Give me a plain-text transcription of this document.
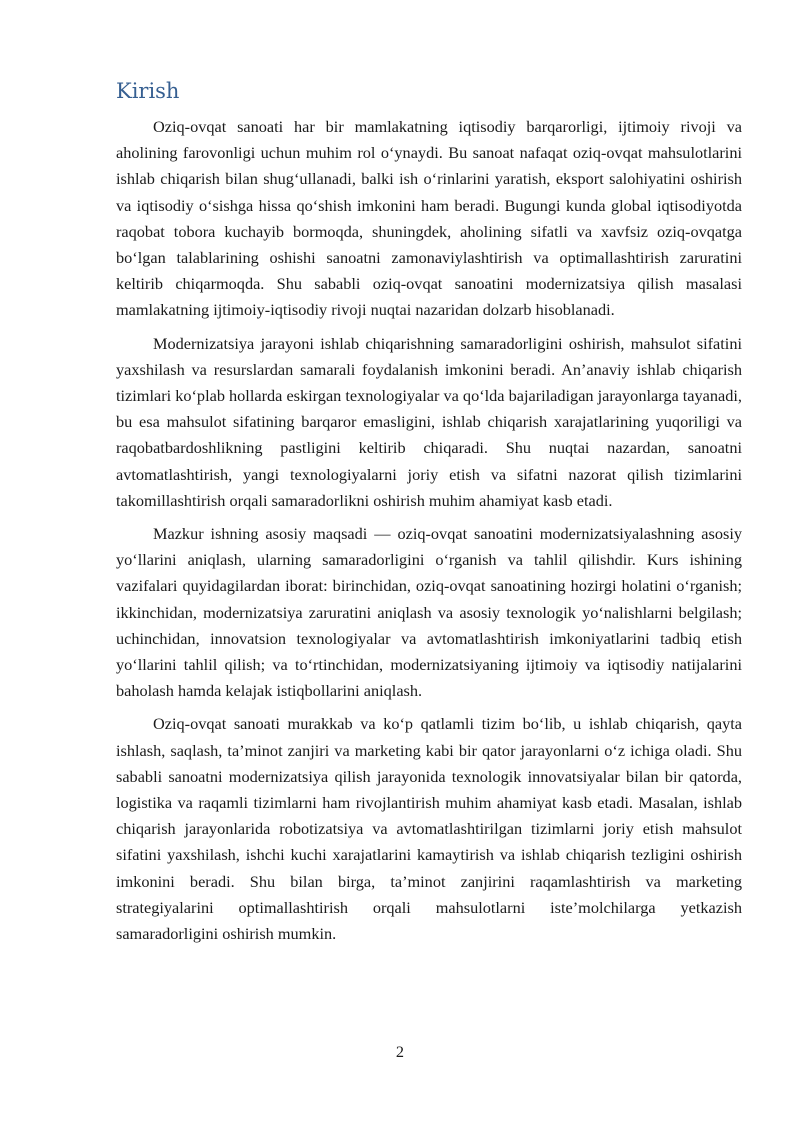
Kirish

Oziq-ovqat sanoati har bir mamlakatning iqtisodiy barqarorligi, ijtimoiy rivoji va aholining farovonligi uchun muhim rol o‘ynaydi. Bu sanoat nafaqat oziq-ovqat mahsulotlarini ishlab chiqarish bilan shug‘ullanadi, balki ish o‘rinlarini yaratish, eksport salohiyatini oshirish va iqtisodiy o‘sishga hissa qo‘shish imkonini ham beradi. Bugungi kunda global iqtisodiyotda raqobat tobora kuchayib bormoqda, shuningdek, aholining sifatli va xavfsiz oziq-ovqatga bo‘lgan talablarining oshishi sanoatni zamonaviylashtirish va optimallashtirish zaruratini keltirib chiqarmoqda. Shu sababli oziq-ovqat sanoatini modernizatsiya qilish masalasi mamlakatning ijtimoiy-iqtisodiy rivoji nuqtai nazaridan dolzarb hisoblanadi.

Modernizatsiya jarayoni ishlab chiqarishning samaradorligini oshirish, mahsulot sifatini yaxshilash va resurslardan samarali foydalanish imkonini beradi. An’anaviy ishlab chiqarish tizimlari ko‘plab hollarda eskirgan texnologiyalar va qo‘lda bajariladigan jarayonlarga tayanadi, bu esa mahsulot sifatining barqaror emasligini, ishlab chiqarish xarajatlarining yuqoriligi va raqobatbardoshlikning pastligini keltirib chiqaradi. Shu nuqtai nazardan, sanoatni avtomatlashtirish, yangi texnologiyalarni joriy etish va sifatni nazorat qilish tizimlarini takomillashtirish orqali samaradorlikni oshirish muhim ahamiyat kasb etadi.

Mazkur ishning asosiy maqsadi — oziq-ovqat sanoatini modernizatsiyalashning asosiy yo‘llarini aniqlash, ularning samaradorligini o‘rganish va tahlil qilishdir. Kurs ishining vazifalari quyidagilardan iborat: birinchidan, oziq-ovqat sanoatining hozirgi holatini o‘rganish; ikkinchidan, modernizatsiya zaruratini aniqlash va asosiy texnologik yo‘nalishlarni belgilash; uchinchidan, innovatsion texnologiyalar va avtomatlashtirish imkoniyatlarini tadbiq etish yo‘llarini tahlil qilish; va to‘rtinchidan, modernizatsiyaning ijtimoiy va iqtisodiy natijalarini baholash hamda kelajak istiqbollarini aniqlash.

Oziq-ovqat sanoati murakkab va ko‘p qatlamli tizim bo‘lib, u ishlab chiqarish, qayta ishlash, saqlash, ta’minot zanjiri va marketing kabi bir qator jarayonlarni o‘z ichiga oladi. Shu sababli sanoatni modernizatsiya qilish jarayonida texnologik innovatsiyalar bilan bir qatorda, logistika va raqamli tizimlarni ham rivojlantirish muhim ahamiyat kasb etadi. Masalan, ishlab chiqarish jarayonlarida robotizatsiya va avtomatlashtirilgan tizimlarni joriy etish mahsulot sifatini yaxshilash, ishchi kuchi xarajatlarini kamaytirish va ishlab chiqarish tezligini oshirish imkonini beradi. Shu bilan birga, ta’minot zanjirini raqamlashtirish va marketing strategiyalarini optimallashtirish orqali mahsulotlarni iste’molchilarga yetkazish samaradorligini oshirish mumkin.

2
